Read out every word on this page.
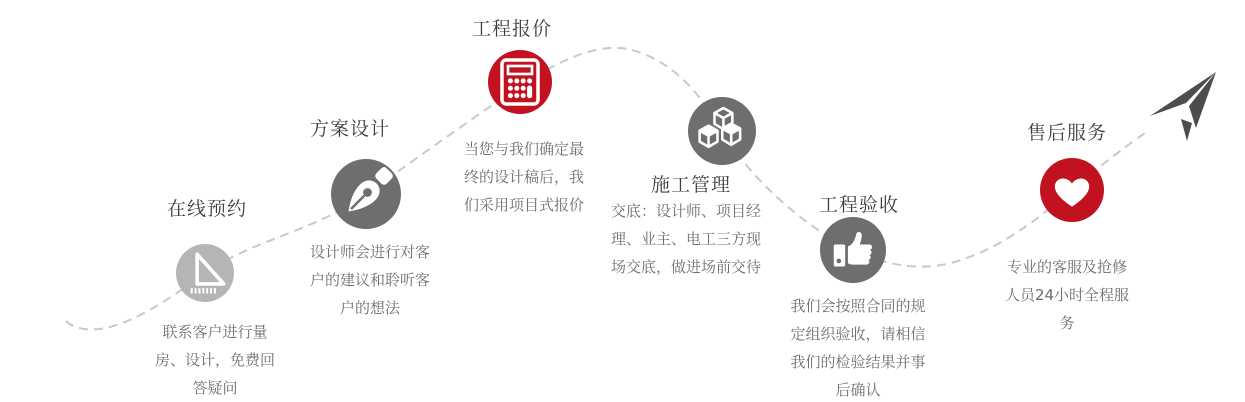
在线预约
联系客户进行量
房、设计，免费回
答疑问
方案设计
设计师会进行对客
户的建议和聆听客
户的想法
工程报价
当您与我们确定最
终的设计稿后，我
们采用项目式报价
施工管理
交底：设计师、项目经
理、业主、电工三方现
场交底，做进场前交待
工程验收
我们会按照合同的规
定组织验收，请相信
我们的检验结果并事
后确认
售后服务
专业的客服及抢修
人员24小时全程服
务
